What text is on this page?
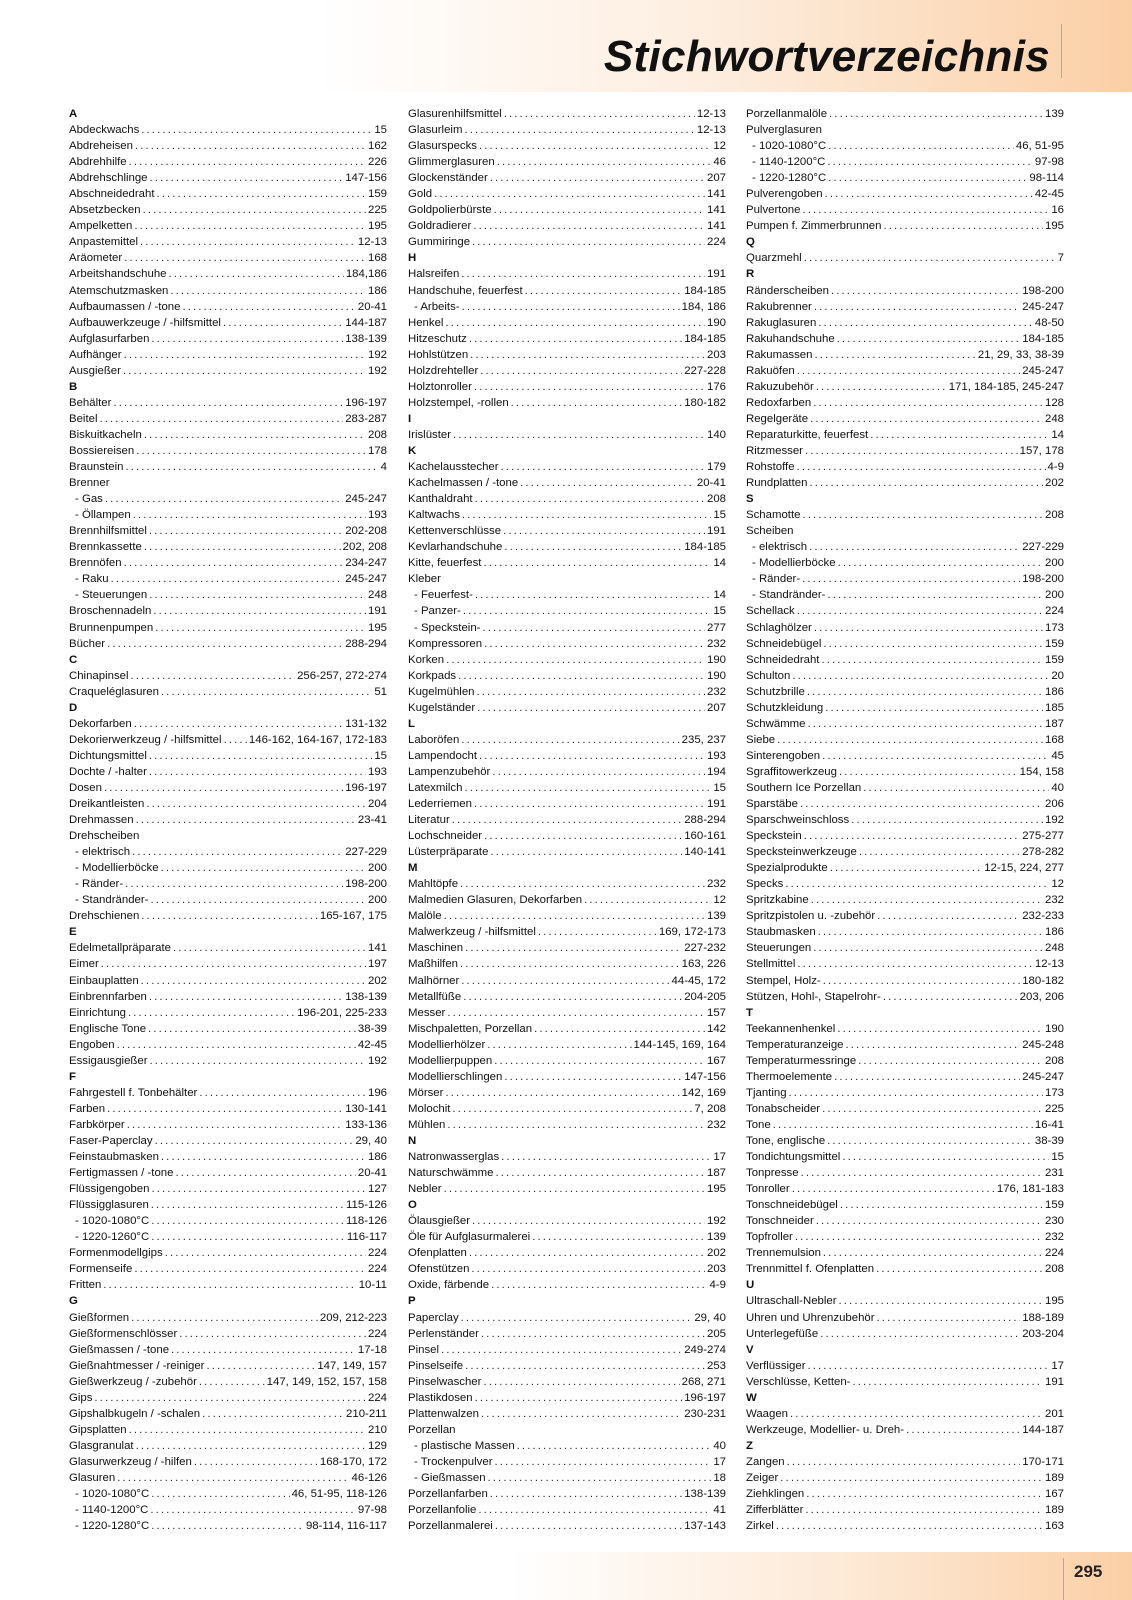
Stichwortverzeichnis
A
Abdeckwachs .....	15
Abdreheisen .....	162
Abdrehhilfe .....	226
Abdrehschlinge .....	147-156
Abschneidedraht .....	159
Absetzbecken .....	225
Ampelketten .....	195
Anpastemittel .....	12-13
Aräometer .....	168
Arbeitshandschuhe .....	184,186
Atemschutzmasken .....	186
Aufbaumassen / -tone .....	20-41
Aufbauwerkzeuge / -hilfsmittel .....	144-187
Aufglasurfarben .....	138-139
Aufhänger .....	192
Ausgießer .....	192
B
Behälter .....	196-197
Beitel .....	283-287
Biskuitkacheln .....	208
Bossiereisen .....	178
Braunstein .....	4
Brenner
- Gas .....	245-247
- Öllampen .....	193
Brennhilfsmittel .....	202-208
Brennkassette .....	202, 208
Brennöfen .....	234-247
- Raku .....	245-247
- Steuerungen .....	248
Broschennadeln .....	191
Brunnenpumpen .....	195
Bücher .....	288-294
C
Chinapinsel .....	256-257, 272-274
Craqueléglasuren .....	51
D
Dekorfarben .....	131-132
Dekorierwerkzeug / -hilfsmittel ..... 146-162, 164-167, 172-183
Dichtungsmittel .....	15
Dochte / -halter .....	193
Dosen .....	196-197
Dreikantleisten .....	204
Drehmassen .....	23-41
Drehscheiben
- elektrisch .....	227-229
- Modellierböcke .....	200
- Ränder- .....	198-200
- Standränder- .....	200
Drehschienen .....	165-167, 175
E
Edelmetallpräparate .....	141
Eimer .....	197
Einbauplatten .....	202
Einbrennfarben .....	138-139
Einrichtung .....	196-201, 225-233
Englische Tone .....	38-39
Engoben .....	42-45
Essigausgießer .....	192
F
Fahrgestell f. Tonbehälter .....	196
Farben .....	130-141
Farbkörper .....	133-136
Faser-Paperclay .....	29, 40
Feinstaubmasken .....	186
Fertigmassen / -tone .....	20-41
Flüssigengoben .....	127
Flüssigglasuren .....	115-126
- 1020-1080°C .....	118-126
- 1220-1260°C .....	116-117
Formenmodellgips .....	224
Formenseife .....	224
Fritten .....	10-11
G
Gießformen .....	209, 212-223
Gießformenschlösser .....	224
Gießmassen / -tone .....	17-18
Gießnahtmesser / -reiniger .....	147, 149, 157
Gießwerkzeug / -zubehör .....	147, 149, 152, 157, 158
Gips .....	224
Gipshalbkugeln / -schalen .....	210-211
Gipsplatten .....	210
Glasgranulat .....	129
Glasurwerkzeug / -hilfen .....	168-170, 172
Glasuren .....	46-126
- 1020-1080°C .....	46, 51-95, 118-126
- 1140-1200°C .....	97-98
- 1220-1280°C .....	98-114, 116-117
Glasurenhilfsmittel .....	12-13
Glasurleim .....	12-13
Glasurspecks .....	12
Glimmerglasuren .....	46
Glockenständer .....	207
Gold .....	141
Goldpolierbürste .....	141
Goldradierer .....	141
Gummiringe .....	224
H
Halsreifen .....	191
Handschuhe, feuerfest .....	184-185
- Arbeits- .....	184, 186
Henkel .....	190
Hitzeschutz .....	184-185
Hohlstützen .....	203
Holzdrehteller .....	227-228
Holztonroller .....	176
Holzstempel, -rollen .....	180-182
I
Irislüster .....	140
K
Kachelausstecher .....	179
Kachelmassen / -tone .....	20-41
Kanthaldraht .....	208
Kaltwachs .....	15
Kettenverschlüsse .....	191
Kevlarhandschuhe .....	184-185
Kitte, feuerfest .....	14
Kleber
- Feuerfest- .....	14
- Panzer- .....	15
- Speckstein- .....	277
Kompressoren .....	232
Korken .....	190
Korkpads .....	190
Kugelmühlen .....	232
Kugelständer .....	207
L
Laboröfen .....	235, 237
Lampendocht .....	193
Lampenzubehör .....	194
Latexmilch .....	15
Lederriemen .....	191
Literatur .....	288-294
Lochschneider .....	160-161
Lüsterpräparate .....	140-141
M
Mahltöpfe .....	232
Malmedien Glasuren, Dekorfarben .....	12
Malöle .....	139
Malwerkzeug / -hilfsmittel .....	169, 172-173
Maschinen .....	227-232
Maßhilfen .....	163, 226
Malhörner .....	44-45, 172
Metallfüße .....	204-205
Messer .....	157
Mischpaletten, Porzellan .....	142
Modellierhölzer .....	144-145, 169, 164
Modellierpuppen .....	167
Modellierschlingen .....	147-156
Mörser .....	142, 169
Molochit .....	7, 208
Mühlen .....	232
N
Natronwasserglas .....	17
Naturschwämme .....	187
Nebler .....	195
O
Ölausgießer .....	192
Öle für Aufglasurmalerei .....	139
Ofenplatten .....	202
Ofenstützen .....	203
Oxide, färbende .....	4-9
P
Paperclay .....	29, 40
Perlenständer .....	205
Pinsel .....	249-274
Pinselseife .....	253
Pinselwascher .....	268, 271
Plastikdosen .....	196-197
Plattenwalzen .....	230-231
Porzellan
- plastische Massen .....	40
- Trockenpulver .....	17
- Gießmassen .....	18
Porzellanfarben .....	138-139
Porzellanfolie .....	41
Porzellanmalerei .....	137-143
Porzellanmalöle .....	139
Pulverglasuren
- 1020-1080°C .....	46, 51-95
- 1140-1200°C .....	97-98
- 1220-1280°C .....	98-114
Pulverengoben .....	42-45
Pulvertone .....	16
Pumpen f. Zimmerbrunnen .....	195
Q
Quarzmehl .....	7
R
Ränderscheiben .....	198-200
Rakubrenner .....	245-247
Rakuglasuren .....	48-50
Rakuhandschuhe .....	184-185
Rakumassen .....	21, 29, 33, 38-39
Rakuöfen .....	245-247
Rakuzubehör .....	171, 184-185, 245-247
Redoxfarben .....	128
Regelgeräte .....	248
Reparaturkitte, feuerfest .....	14
Ritzmesser .....	157, 178
Rohstoffe .....	4-9
Rundplatten .....	202
S
Schamotte .....	208
Scheiben
- elektrisch .....	227-229
- Modellierböcke .....	200
- Ränder- .....	198-200
- Standränder- .....	200
Schellack .....	224
Schlaghölzer .....	173
Schneidebügel .....	159
Schneidedraht .....	159
Schulton .....	20
Schutzbrille .....	186
Schutzkleidung .....	185
Schwämme .....	187
Siebe .....	168
Sinterengoben .....	45
Sgraffitowerkzeug .....	154, 158
Southern Ice Porzellan .....	40
Sparstäbe .....	206
Sparschweinschloss .....	192
Speckstein .....	275-277
Specksteinwerkzeuge .....	278-282
Spezialprodukte .....	12-15, 224, 277
Specks .....	12
Spritzkabine .....	232
Spritzpistolen u. -zubehör .....	232-233
Staubmasken .....	186
Steuerungen .....	248
Stellmittel .....	12-13
Stempel, Holz- .....	180-182
Stützen, Hohl-, Stapelrohr- .....	203, 206
T
Teekannenhenkel .....	190
Temperaturanzeige .....	245-248
Temperaturmessringe .....	208
Thermoelemente .....	245-247
Tjanting .....	173
Tonabscheider .....	225
Tone .....	16-41
Tone, englische .....	38-39
Tondichtungsmittel .....	15
Tonpresse .....	231
Tonroller .....	176, 181-183
Tonschneidebügel .....	159
Tonschneider .....	230
Topfroller .....	232
Trennemulsion .....	224
Trennmittel f. Ofenplatten .....	208
U
Ultraschall-Nebler .....	195
Uhren und Uhrenzubehör .....	188-189
Unterlegefüße .....	203-204
V
Verflüssiger .....	17
Verschlüsse, Ketten- .....	191
W
Waagen .....	201
Werkzeuge, Modellier- u. Dreh- .....	144-187
Z
Zangen .....	170-171
Zeiger .....	189
Ziehklingen .....	167
Zifferblätter .....	189
Zirkel .....	163
295
